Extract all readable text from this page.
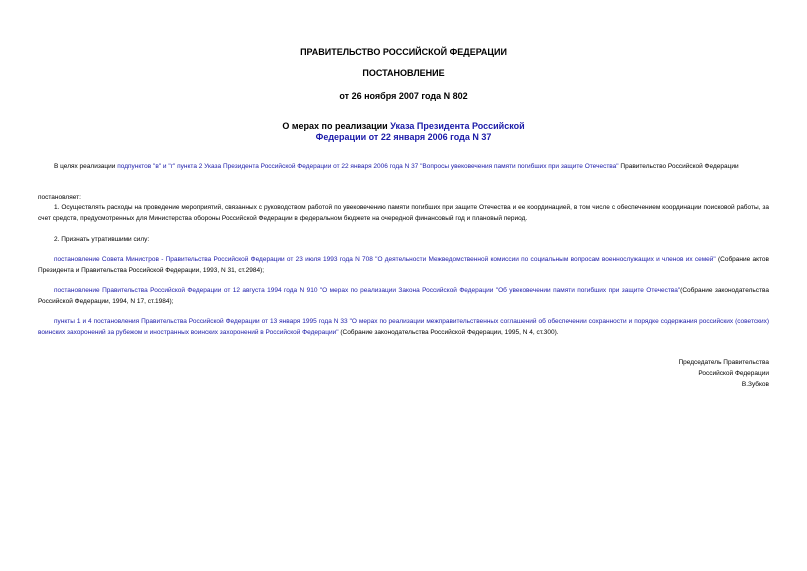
ПРАВИТЕЛЬСТВО РОССИЙСКОЙ ФЕДЕРАЦИИ
ПОСТАНОВЛЕНИЕ
от 26 ноября 2007 года N 802
О мерах по реализации Указа Президента Российской
Федерации от 22 января 2006 года N 37
В целях реализации подпунктов "в" и "г" пункта 2 Указа Президента Российской Федерации от 22 января 2006 года N 37 "Вопросы увековечения памяти погибших при защите Отечества" Правительство Российской Федерации
постановляет:
1. Осуществлять расходы на проведение мероприятий, связанных с руководством работой по увековечению памяти погибших при защите Отечества и ее координацией, в том числе с обеспечением координации поисковой работы, за счет средств, предусмотренных для Министерства обороны Российской Федерации в федеральном бюджете на очередной финансовый год и плановый период.
2. Признать утратившими силу:
постановление Совета Министров - Правительства Российской Федерации от 23 июля 1993 года N 708 "О деятельности Межведомственной комиссии по социальным вопросам военнослужащих и членов их семей" (Собрание актов Президента и Правительства Российской Федерации, 1993, N 31, ст.2984);
постановление Правительства Российской Федерации от 12 августа 1994 года N 910 "О мерах по реализации Закона Российской Федерации "Об увековечении памяти погибших при защите Отечества"(Собрание законодательства Российской Федерации, 1994, N 17, ст.1984);
пункты 1 и 4 постановления Правительства Российской Федерации от 13 января 1995 года N 33 "О мерах по реализации межправительственных соглашений об обеспечении сохранности и порядке содержания российских (советских) воинских захоронений за рубежом и иностранных воинских захоронений в Российской Федерации" (Собрание законодательства Российской Федерации, 1995, N 4, ст.300).
Председатель Правительства
Российской Федерации
В.Зубков
